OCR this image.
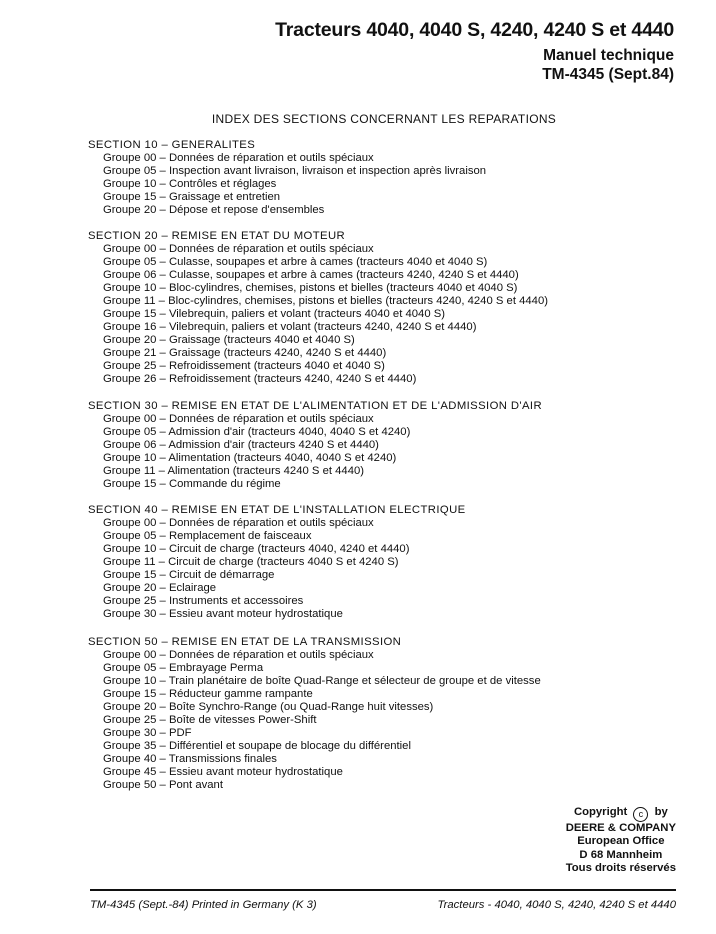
Tracteurs 4040, 4040 S, 4240, 4240 S et 4440
Manuel technique
TM-4345 (Sept.84)
INDEX DES SECTIONS CONCERNANT LES REPARATIONS
SECTION 10 – GENERALITES
Groupe 00 – Données de réparation et outils spéciaux
Groupe 05 – Inspection avant livraison, livraison et inspection après livraison
Groupe 10 – Contrôles et réglages
Groupe 15 – Graissage et entretien
Groupe 20 – Dépose et repose d'ensembles
SECTION 20 – REMISE EN ETAT DU MOTEUR
Groupe 00 – Données de réparation et outils spéciaux
Groupe 05 – Culasse, soupapes et arbre à cames (tracteurs 4040 et 4040 S)
Groupe 06 – Culasse, soupapes et arbre à cames (tracteurs 4240, 4240 S et 4440)
Groupe 10 – Bloc-cylindres, chemises, pistons et bielles (tracteurs 4040 et 4040 S)
Groupe 11 – Bloc-cylindres, chemises, pistons et bielles (tracteurs 4240, 4240 S et 4440)
Groupe 15 – Vilebrequin, paliers et volant (tracteurs 4040 et 4040 S)
Groupe 16 – Vilebrequin, paliers et volant (tracteurs 4240, 4240 S et 4440)
Groupe 20 – Graissage (tracteurs 4040 et 4040 S)
Groupe 21 – Graissage (tracteurs 4240, 4240 S et 4440)
Groupe 25 – Refroidissement (tracteurs 4040 et 4040 S)
Groupe 26 – Refroidissement (tracteurs 4240, 4240 S et 4440)
SECTION 30 – REMISE EN ETAT DE L'ALIMENTATION ET DE L'ADMISSION D'AIR
Groupe 00 – Données de réparation et outils spéciaux
Groupe 05 – Admission d'air (tracteurs 4040, 4040 S et 4240)
Groupe 06 – Admission d'air (tracteurs 4240 S et 4440)
Groupe 10 – Alimentation (tracteurs 4040, 4040 S et 4240)
Groupe 11 – Alimentation (tracteurs 4240 S et 4440)
Groupe 15 – Commande du régime
SECTION 40 – REMISE EN ETAT DE L'INSTALLATION ELECTRIQUE
Groupe 00 – Données de réparation et outils spéciaux
Groupe 05 – Remplacement de faisceaux
Groupe 10 – Circuit de charge (tracteurs 4040, 4240 et 4440)
Groupe 11 – Circuit de charge (tracteurs 4040 S et 4240 S)
Groupe 15 – Circuit de démarrage
Groupe 20 – Eclairage
Groupe 25 – Instruments et accessoires
Groupe 30 – Essieu avant moteur hydrostatique
SECTION 50 – REMISE EN ETAT DE LA TRANSMISSION
Groupe 00 – Données de réparation et outils spéciaux
Groupe 05 – Embrayage Perma
Groupe 10 – Train planétaire de boîte Quad-Range et sélecteur de groupe et de vitesse
Groupe 15 – Réducteur gamme rampante
Groupe 20 – Boîte Synchro-Range (ou Quad-Range huit vitesses)
Groupe 25 – Boîte de vitesses Power-Shift
Groupe 30 – PDF
Groupe 35 – Différentiel et soupape de blocage du différentiel
Groupe 40 – Transmissions finales
Groupe 45 – Essieu avant moteur hydrostatique
Groupe 50 – Pont avant
Copyright c by
DEERE & COMPANY
European Office
D 68 Mannheim
Tous droits réservés
TM-4345 (Sept.-84) Printed in Germany (K 3)	Tracteurs - 4040, 4040 S, 4240, 4240 S et 4440
